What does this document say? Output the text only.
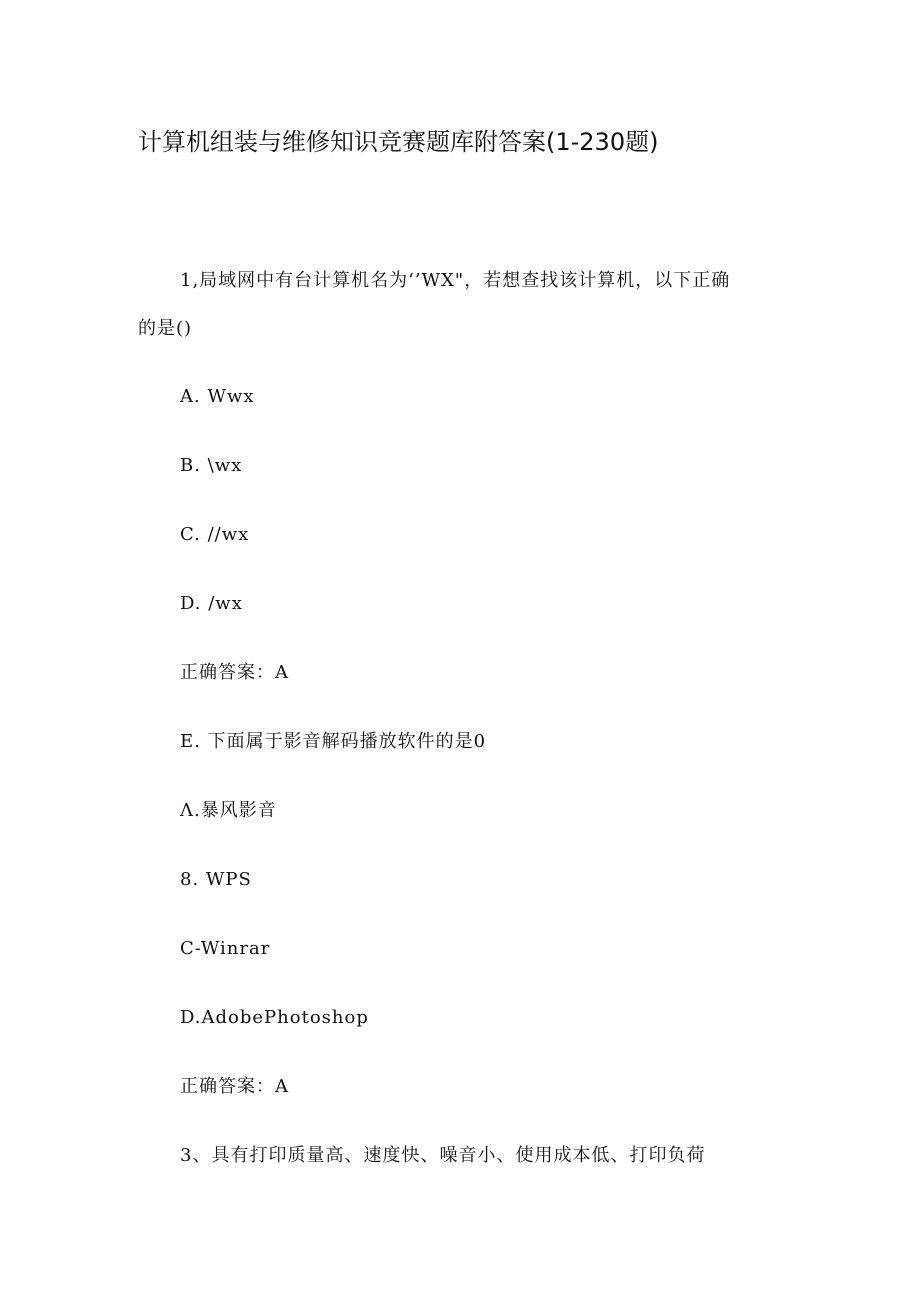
计算机组装与维修知识竞赛题库附答案(1-230题)
1,局域网中有台计算机名为‘’WX"，若想查找该计算机，以下正确
的是()
A. Wwx
B. \wx
C. //wx
D. /wx
正确答案：A
E. 下面属于影音解码播放软件的是0
Λ.暴风影音
8. WPS
C-Winrar
D.AdobePhotoshop
正确答案：A
3、具有打印质量高、速度快、噪音小、使用成本低、打印负荷
